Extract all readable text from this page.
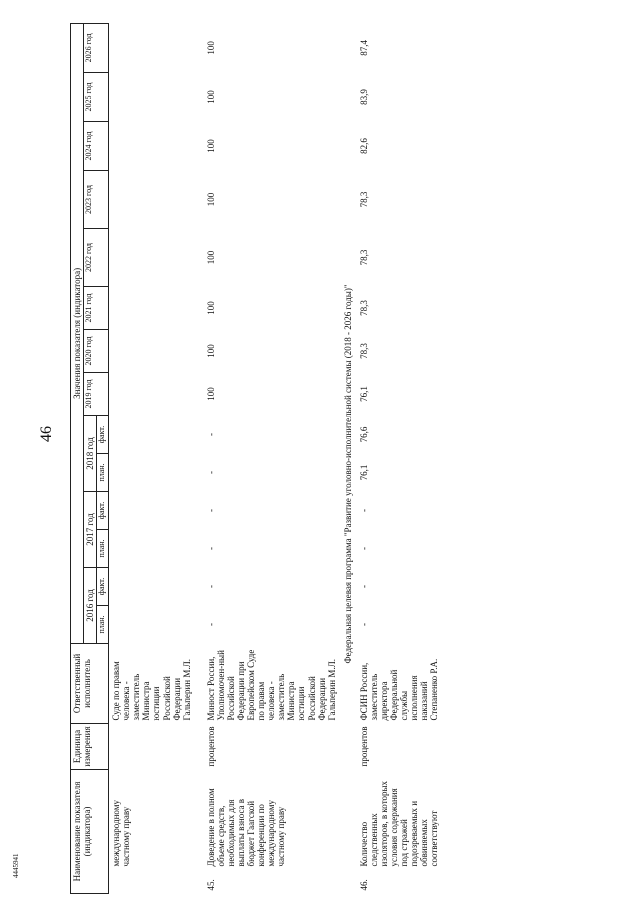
46
4445941	Наименование показателя (индикатора)		Единица измерения	Ответственный исполнитель	Значения показателя (индикатора)													
				2016 год		2017 год		2018 год		2019 год	2020 год	2021 год	2022 год	2023 год	2024 год	2025 год	2026 год
				план.	факт.	план.	факт.	план.	факт.								
	международному частному праву		Суде по правам человека - заместитель Министра юстиции Российской Федерации Гальперин М.Л.														

45.	Доведение в полном объеме средств, необходимых для выплаты взноса в бюджет Гаагской конференции по международному частному праву	процентов	Минюст России, Уполномочен-ный Российской Федерации при Европейском Суде по правам человека - заместитель Министра юстиции Российской Федерации Гальперин М.Л.	-	-	-	-	-	-	100	100	100	100	100	100	100	100
Федеральная целевая программа "Развитие уголовно-исполнительной системы (2018 - 2026 годы)"																	
46.	Количество следственных изоляторов, в которых условия содержания под стражей подозреваемых и обвиняемых соответствуют	процентов	ФСИН России, заместитель директора Федеральной службы исполнения наказаний Степаненко Р.А.	-	-	-	-	76,1	76,6	76,1	78,3	78,3	78,3	78,3	82,6	83,9	87,4
